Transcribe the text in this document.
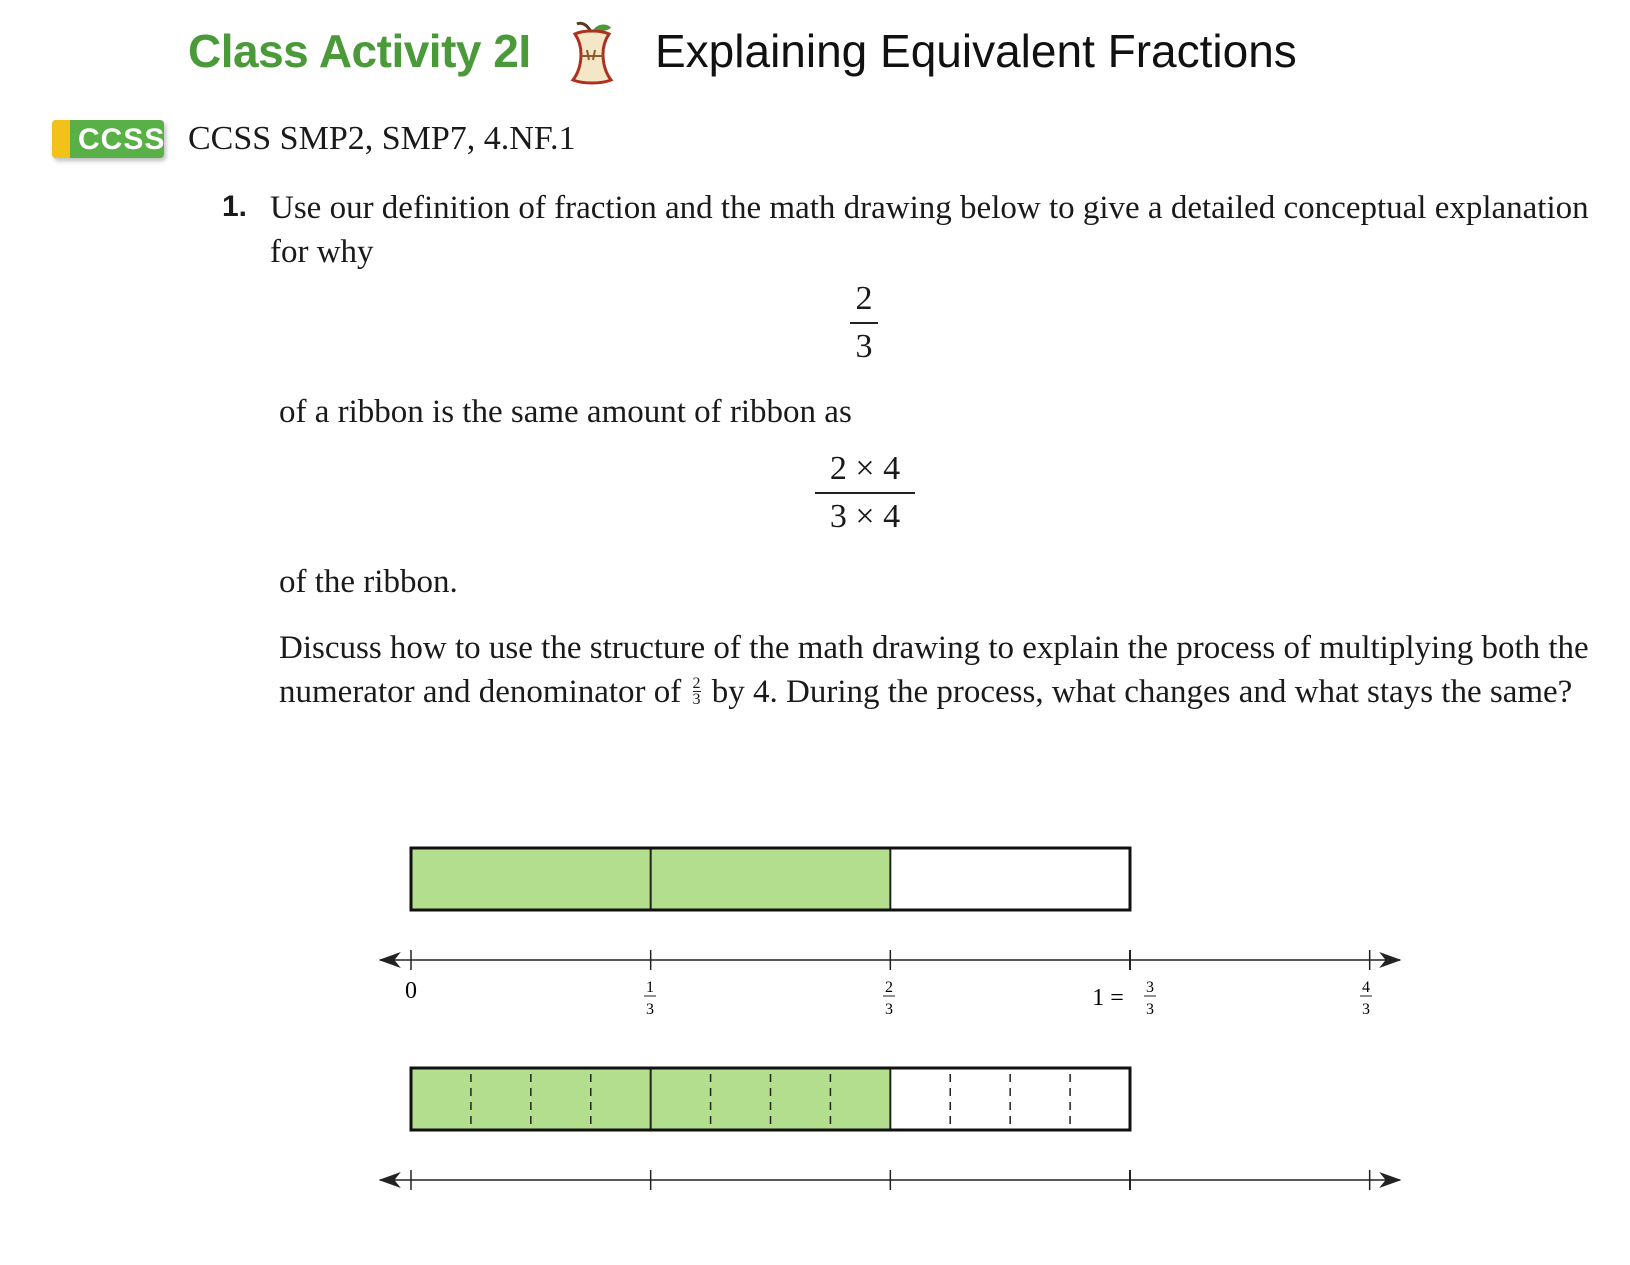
Class Activity 2I	Explaining Equivalent Fractions
CCSS CCSS SMP2, SMP7, 4.NF.1
1. Use our definition of fraction and the math drawing below to give a detailed conceptual explanation for why
2
3
of a ribbon is the same amount of ribbon as
2 × 4
3 × 4
of the ribbon.
Discuss how to use the structure of the math drawing to explain the process of multiplying both the numerator and denominator of $\frac{2}{3}$ by 4. During the process, what changes and what stays the same?
0	1
3
2
3	1 = 3
3
4
3
